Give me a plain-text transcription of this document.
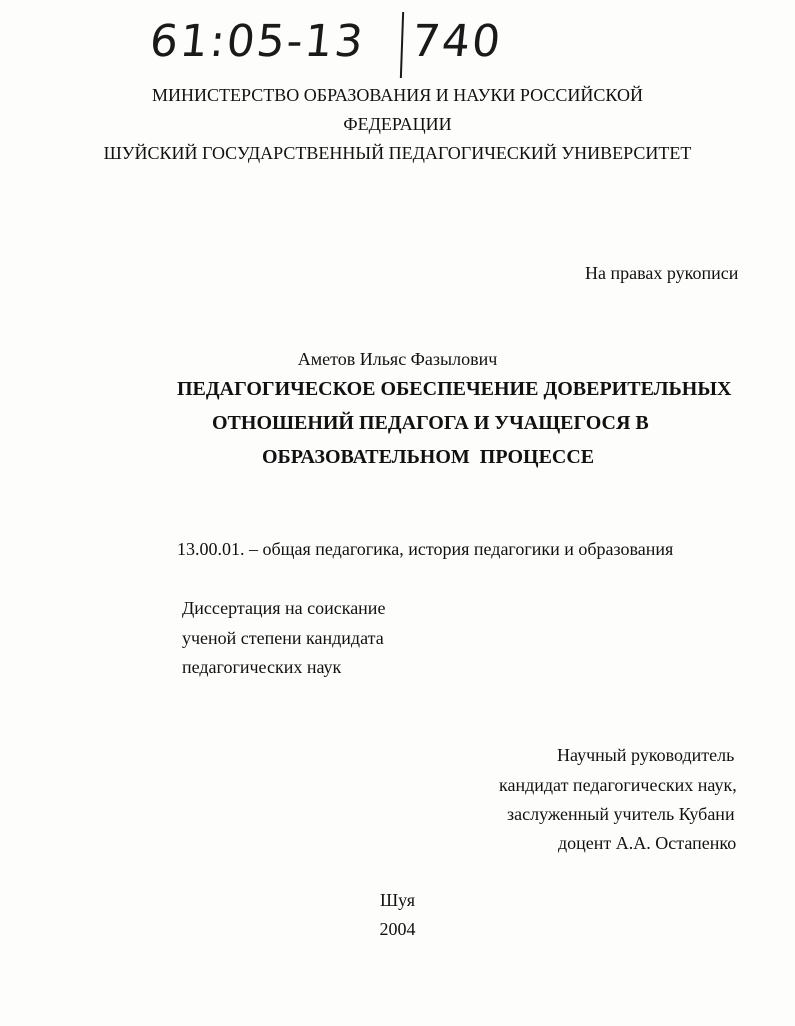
61:05-13 740
МИНИСТЕРСТВО ОБРАЗОВАНИЯ И НАУКИ РОССИЙСКОЙ
ФЕДЕРАЦИИ
ШУЙСКИЙ ГОСУДАРСТВЕННЫЙ ПЕДАГОГИЧЕСКИЙ УНИВЕРСИТЕТ
На правах рукописи
Аметов Ильяс Фазылович
ПЕДАГОГИЧЕСКОЕ ОБЕСПЕЧЕНИЕ ДОВЕРИТЕЛЬНЫХ
ОТНОШЕНИЙ ПЕДАГОГА И УЧАЩЕГОСЯ В
ОБРАЗОВАТЕЛЬНОМ  ПРОЦЕССЕ
13.00.01. – общая педагогика, история педагогики и образования
Диссертация на соискание
ученой степени кандидата
педагогических наук
Научный руководитель
кандидат педагогических наук,
заслуженный учитель Кубани
доцент А.А. Остапенко
Шуя
2004
